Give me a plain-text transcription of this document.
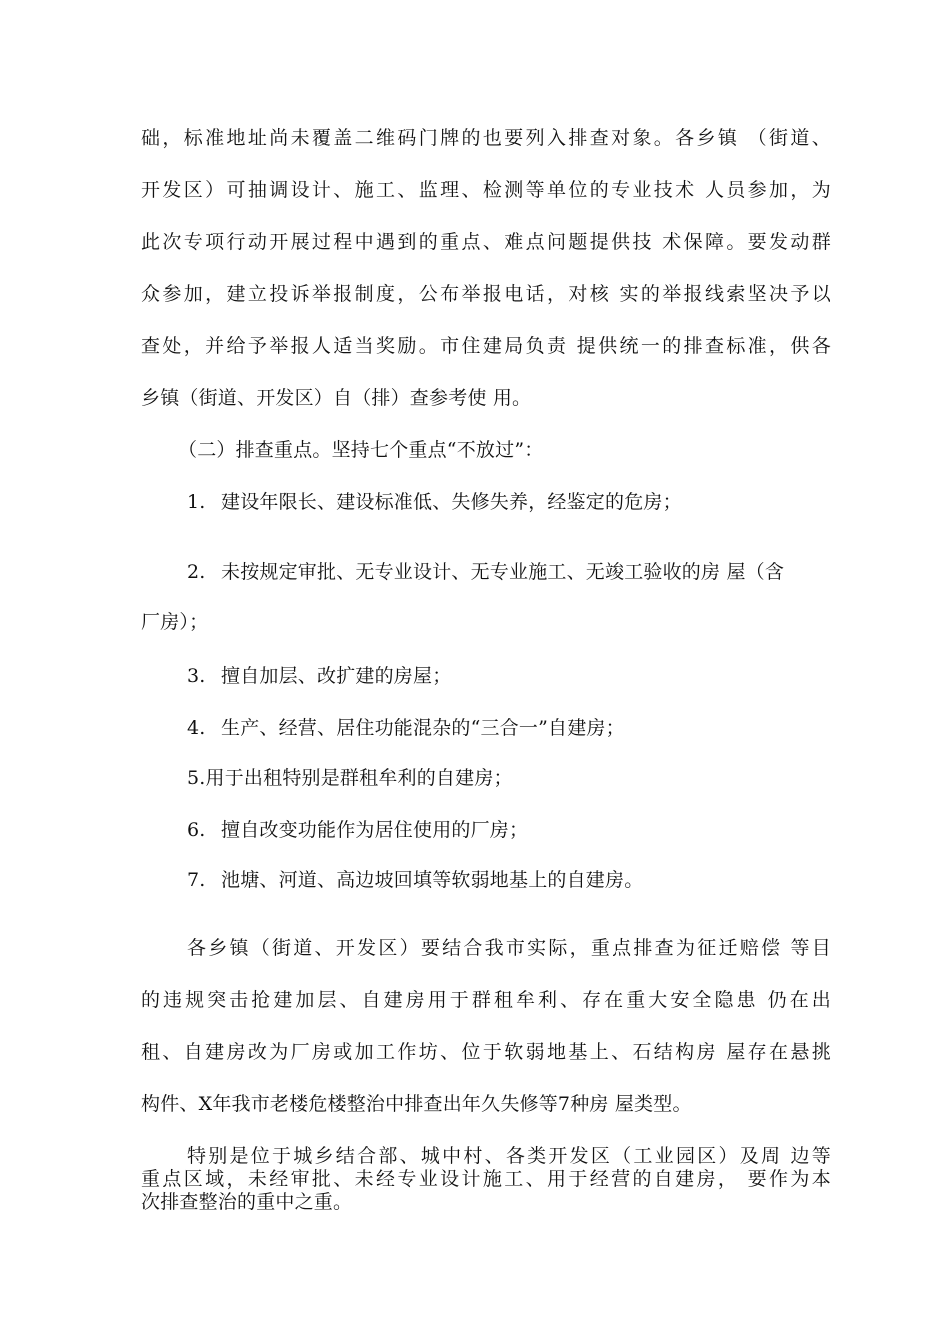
础，标准地址尚未覆盖二维码门牌的也要列入排查对象。各乡镇 （街道、
开发区）可抽调设计、施工、监理、检测等单位的专业技术 人员参加，为
此次专项行动开展过程中遇到的重点、难点问题提供技 术保障。要发动群
众参加，建立投诉举报制度，公布举报电话，对核 实的举报线索坚决予以
查处，并给予举报人适当奖励。市住建局负责 提供统一的排查标准，供各
乡镇（街道、开发区）自（排）查参考使 用。
（二）排查重点。坚持七个重点“不放过”：
1. 建设年限长、建设标准低、失修失养，经鉴定的危房；
2. 未按规定审批、无专业设计、无专业施工、无竣工验收的房 屋（含
厂房）；
3. 擅自加层、改扩建的房屋；
4. 生产、经营、居住功能混杂的“三合一”自建房；
5.用于出租特别是群租牟利的自建房；
6. 擅自改变功能作为居住使用的厂房；
7. 池塘、河道、高边坡回填等软弱地基上的自建房。
各乡镇（街道、开发区）要结合我市实际，重点排查为征迁赔偿 等目
的违规突击抢建加层、自建房用于群租牟利、存在重大安全隐患 仍在出
租、自建房改为厂房或加工作坊、位于软弱地基上、石结构房 屋存在悬挑
构件、X年我市老楼危楼整治中排查出年久失修等7种房 屋类型。
特别是位于城乡结合部、城中村、各类开发区（工业园区）及周 边等
重点区域，未经审批、未经专业设计施工、用于经营的自建房， 要作为本
次排查整治的重中之重。
